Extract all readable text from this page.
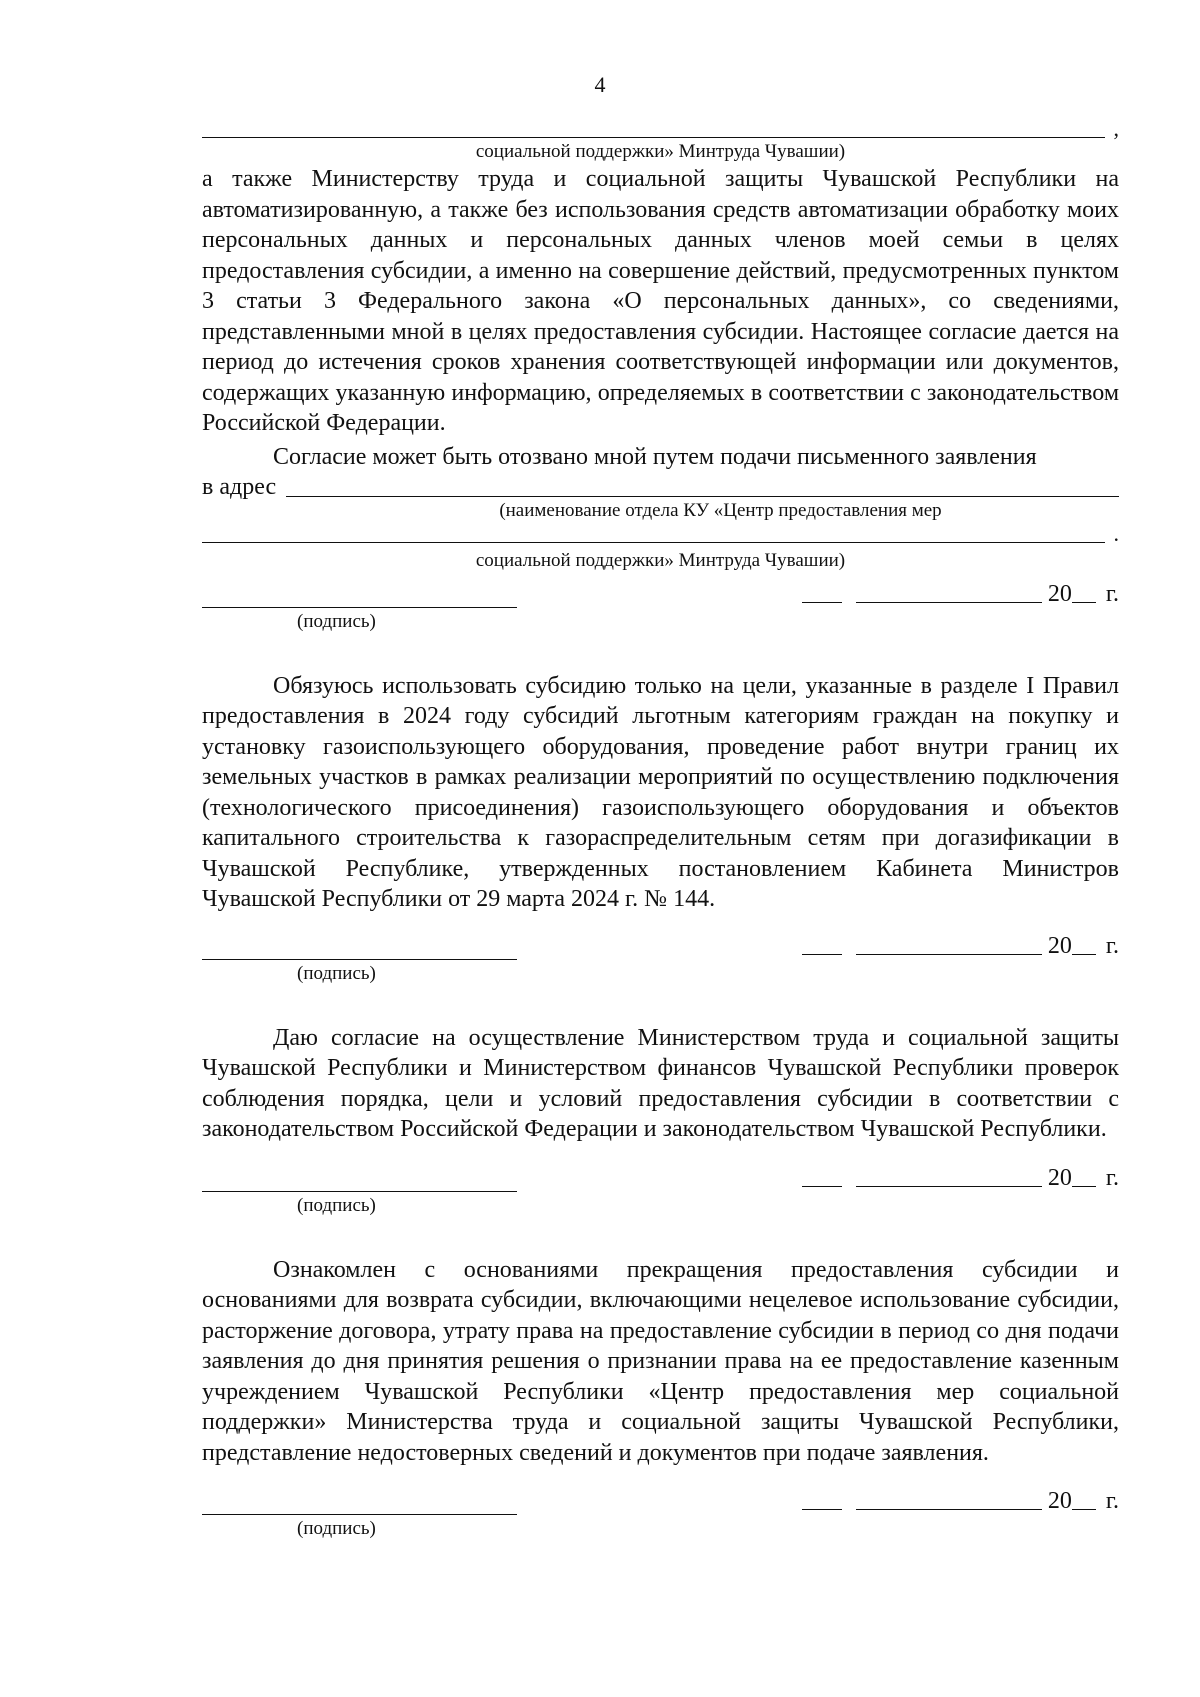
4
,

социальной поддержки» Минтруда Чувашии)

а также Министерству труда и социальной защиты Чувашской Республики на автоматизированную, а также без использования средств автоматизации обработку моих персональных данных и персональных данных членов моей семьи в целях предоставления субсидии, а именно на совершение действий, предусмотренных пунктом 3 статьи 3 Федерального закона «О персональных данных», со сведениями, представленными мной в целях предоставления субсидии. Настоящее согласие дается на период до истечения сроков хранения соответствующей информации или документов, содержащих указанную информацию, определяемых в соответствии с законодательством Российской Федерации.

Согласие может быть отозвано мной путем подачи письменного заявления

в адрес

(наименование отдела КУ «Центр предоставления мер

.

социальной поддержки» Минтруда Чувашии)

(подпись)
20 г.

Обязуюсь использовать субсидию только на цели, указанные в разделе I Правил предоставления в 2024 году субсидий льготным категориям граждан на покупку и установку газоиспользующего оборудования, проведение работ внутри границ их земельных участков в рамках реализации мероприятий по осуществлению подключения (технологического присоединения) газоиспользующего оборудования и объектов капитального строительства к газораспределительным сетям при догазификации в Чувашской Республике, утвержденных постановлением Кабинета Министров Чувашской Республики от 29 марта 2024 г. № 144.

(подпись)
20 г.

Даю согласие на осуществление Министерством труда и социальной защиты Чувашской Республики и Министерством финансов Чувашской Республики проверок соблюдения порядка, цели и условий предоставления субсидии в соответствии с законодательством Российской Федерации и законодательством Чувашской Республики.

(подпись)
20 г.

Ознакомлен с основаниями прекращения предоставления субсидии и основаниями для возврата субсидии, включающими нецелевое использование субсидии, расторжение договора, утрату права на предоставление субсидии в период со дня подачи заявления до дня принятия решения о признании права на ее предоставление казенным учреждением Чувашской Республики «Центр предоставления мер социальной поддержки» Министерства труда и социальной защиты Чувашской Республики, представление недостоверных сведений и документов при подаче заявления.

(подпись)
20 г.
